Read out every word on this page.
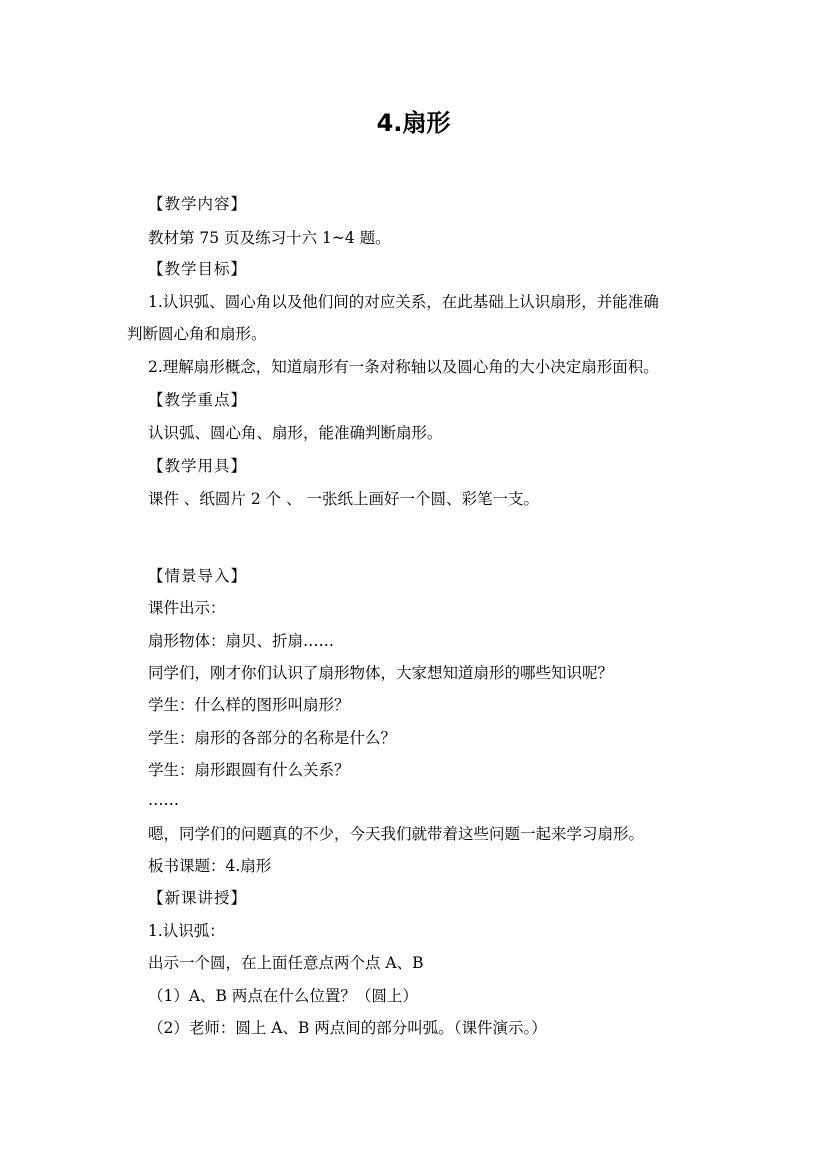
4.扇形
【教学内容】
教材第 75 页及练习十六 1~4 题。
【教学目标】
1.认识弧、圆心角以及他们间的对应关系，在此基础上认识扇形，并能准确
判断圆心角和扇形。
2.理解扇形概念，知道扇形有一条对称轴以及圆心角的大小决定扇形面积。
【教学重点】
认识弧、圆心角、扇形，能准确判断扇形。
【教学用具】
课件 、纸圆片 2 个 、 一张纸上画好一个圆、彩笔一支。
【情景导入】
课件出示：
扇形物体：扇贝、折扇……
同学们，刚才你们认识了扇形物体，大家想知道扇形的哪些知识呢？
学生：什么样的图形叫扇形？
学生：扇形的各部分的名称是什么？
学生：扇形跟圆有什么关系？
……
嗯，同学们的问题真的不少，今天我们就带着这些问题一起来学习扇形。
板书课题：4.扇形
【新课讲授】
1.认识弧：
出示一个圆，在上面任意点两个点 A、B
（1）A、B 两点在什么位置？（圆上）
（2）老师：圆上 A、B 两点间的部分叫弧。（课件演示。）
